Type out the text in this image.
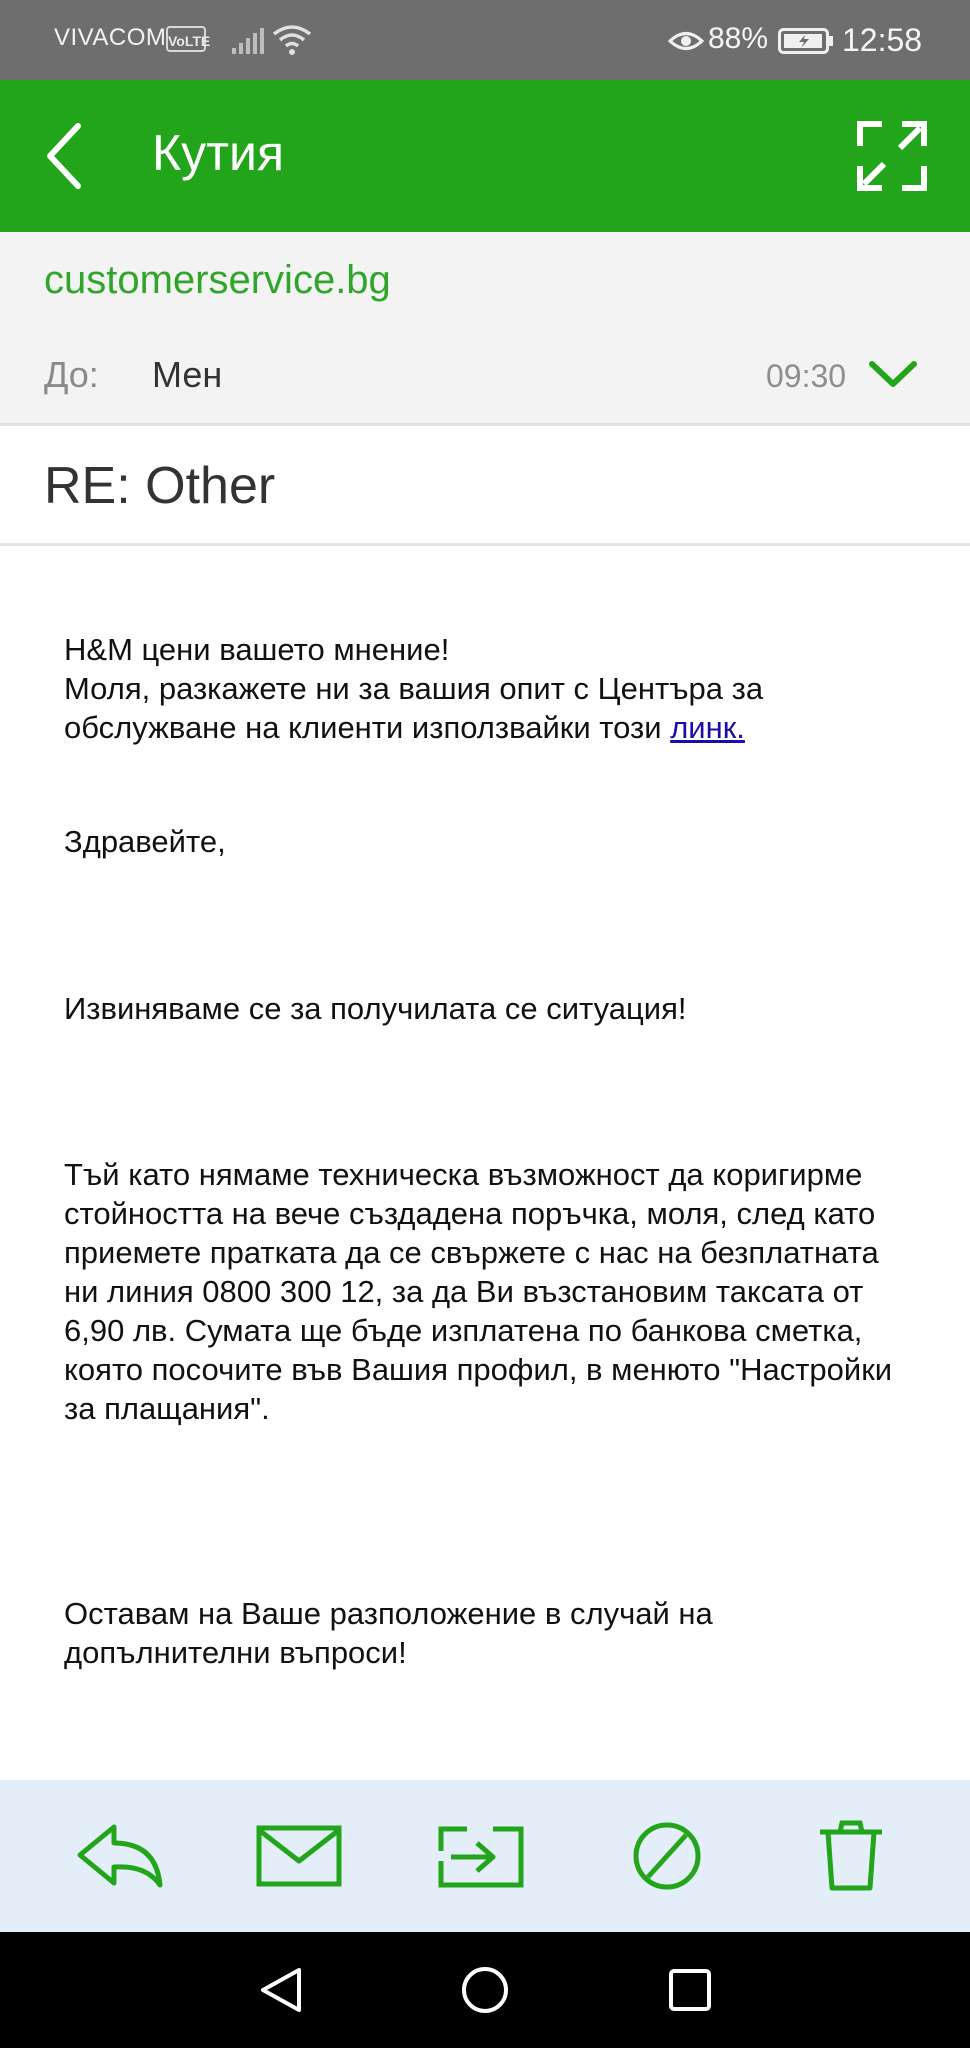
VIVACOM VoLTE	88% 12:58
Кутия
customerservice.bg
До: Мен	09:30
RE: Other

H&M цени вашето мнение!

Моля, разкажете ни за вашия опит с Центъра за обслужване на клиенти използвайки този линк.

Здравейте,

Извиняваме се за получилата се ситуация!

Тъй като нямаме техническа възможност да коригирме стойността на вече създадена поръчка, моля, след като приемете пратката да се свържете с нас на безплатната ни линия 0800 300 12, за да Ви възстановим таксата от 6,90 лв. Сумата ще бъде изплатена по банкова сметка, която посочите във Вашия профил, в менюто "Настройки за плащания".

Оставам на Ваше разположение в случай на допълнителни въпроси!
